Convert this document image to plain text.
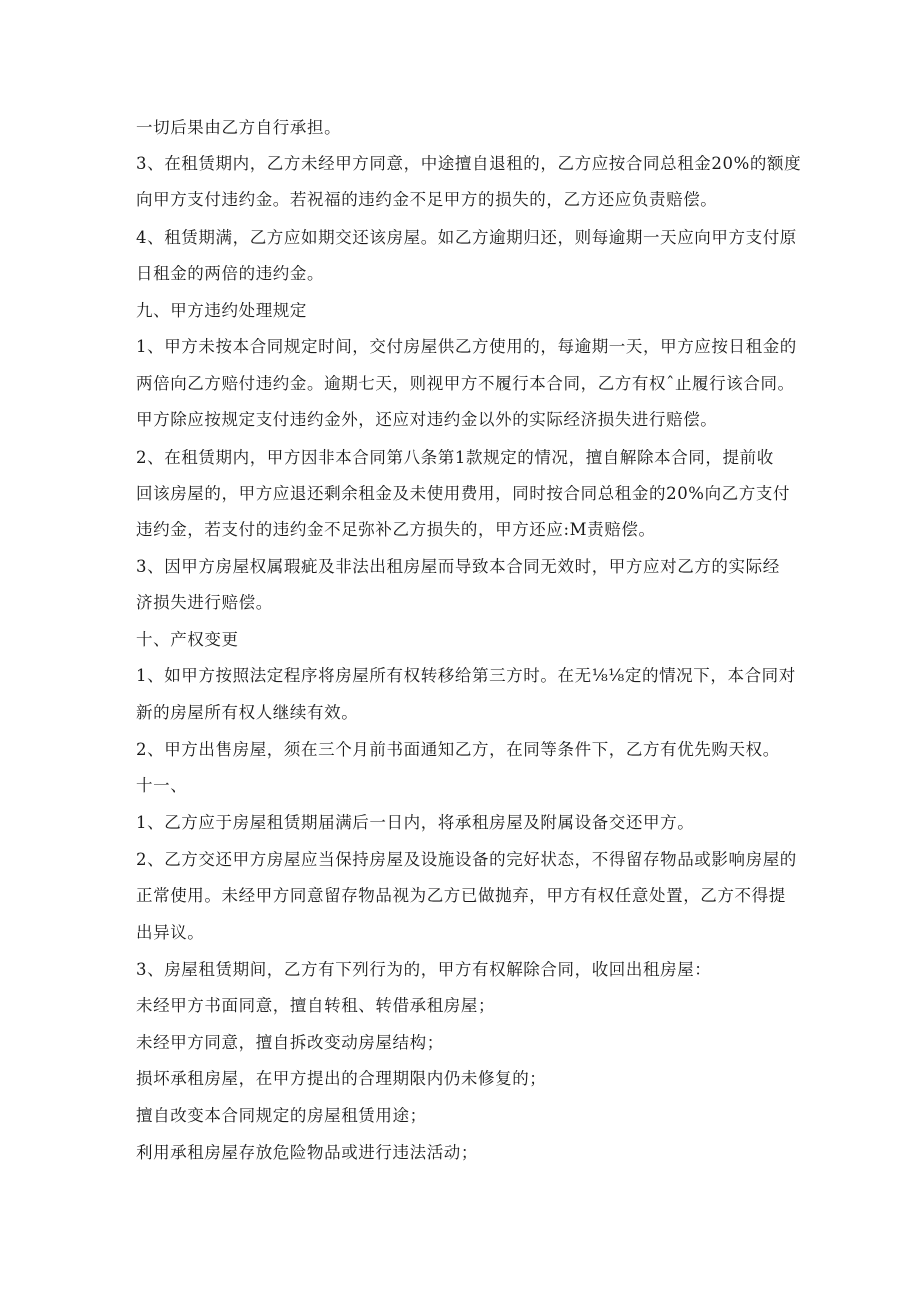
一切后果由乙方自行承担。
3、在租赁期内，乙方未经甲方同意，中途擅自退租的，乙方应按合同总租金20%的额度
向甲方支付违约金。若祝福的违约金不足甲方的损失的，乙方还应负责赔偿。
4、租赁期满，乙方应如期交还该房屋。如乙方逾期归还，则每逾期一天应向甲方支付原
日租金的两倍的违约金。
九、甲方违约处理规定
1、甲方未按本合同规定时间，交付房屋供乙方使用的，每逾期一天，甲方应按日租金的
两倍向乙方赔付违约金。逾期七天，则视甲方不履行本合同，乙方有权ˆ止履行该合同。
甲方除应按规定支付违约金外，还应对违约金以外的实际经济损失进行赔偿。
2、在租赁期内，甲方因非本合同第八条第1款规定的情况，擅自解除本合同，提前收
回该房屋的，甲方应退还剩余租金及未使用费用，同时按合同总租金的20%向乙方支付
违约金，若支付的违约金不足弥补乙方损失的，甲方还应:M责赔偿。
3、因甲方房屋权属瑕疵及非法出租房屋而导致本合同无效时，甲方应对乙方的实际经
济损失进行赔偿。
十、产权变更
1、如甲方按照法定程序将房屋所有权转移给第三方时。在无⅛⅛定的情况下，本合同对
新的房屋所有权人继续有效。
2、甲方出售房屋，须在三个月前书面通知乙方，在同等条件下，乙方有优先购天权。
十一、
1、乙方应于房屋租赁期届满后一日内，将承租房屋及附属设备交还甲方。
2、乙方交还甲方房屋应当保持房屋及设施设备的完好状态，不得留存物品或影响房屋的
正常使用。未经甲方同意留存物品视为乙方已做抛弃，甲方有权任意处置，乙方不得提
出异议。
3、房屋租赁期间，乙方有下列行为的，甲方有权解除合同，收回出租房屋：
未经甲方书面同意，擅自转租、转借承租房屋；
未经甲方同意，擅自拆改变动房屋结构；
损坏承租房屋，在甲方提出的合理期限内仍未修复的；
擅自改变本合同规定的房屋租赁用途；
利用承租房屋存放危险物品或进行违法活动；
